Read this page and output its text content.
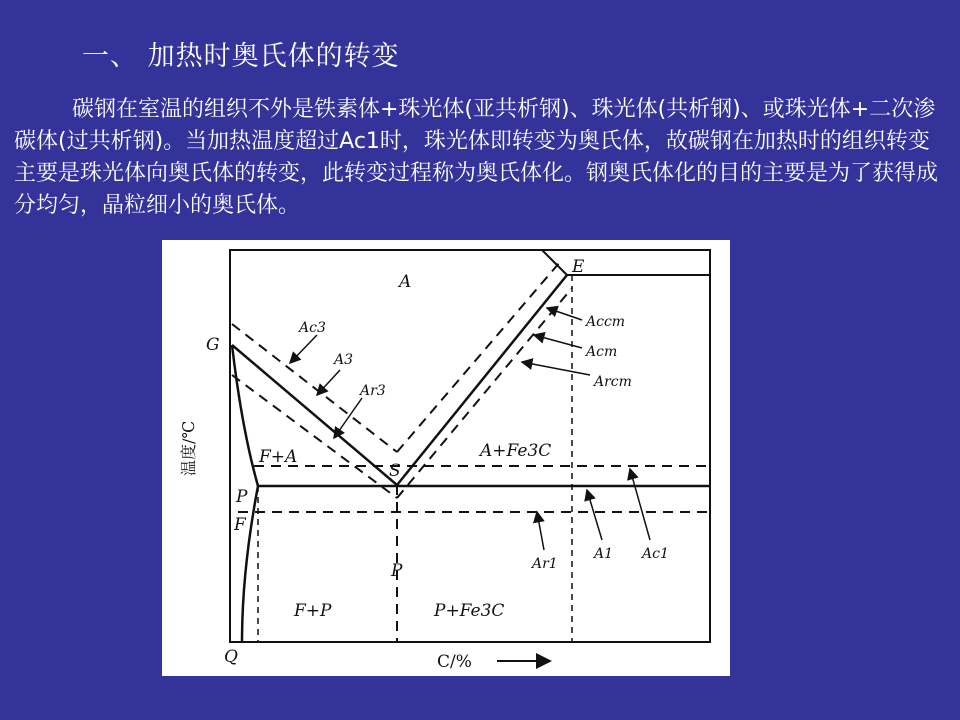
一、 加热时奥氏体的转变
碳钢在室温的组织不外是铁素体+珠光体(亚共析钢)、珠光体(共析钢)、或珠光体+二次渗碳体(过共析钢)。当加热温度超过Ac1时，珠光体即转变为奥氏体，故碳钢在加热时的组织转变主要是珠光体向奥氏体的转变，此转变过程称为奥氏体化。钢奥氏体化的目的主要是为了获得成分均匀，晶粒细小的奥氏体。
E
G
S
P
F
Q
P
A
F+A	A+Fe3C
F+P	P+Fe3C
Ac3
A3
Ar3
Accm
Acm
Arcm
Ar1
A1 Ac1
温度/℃
C/%
